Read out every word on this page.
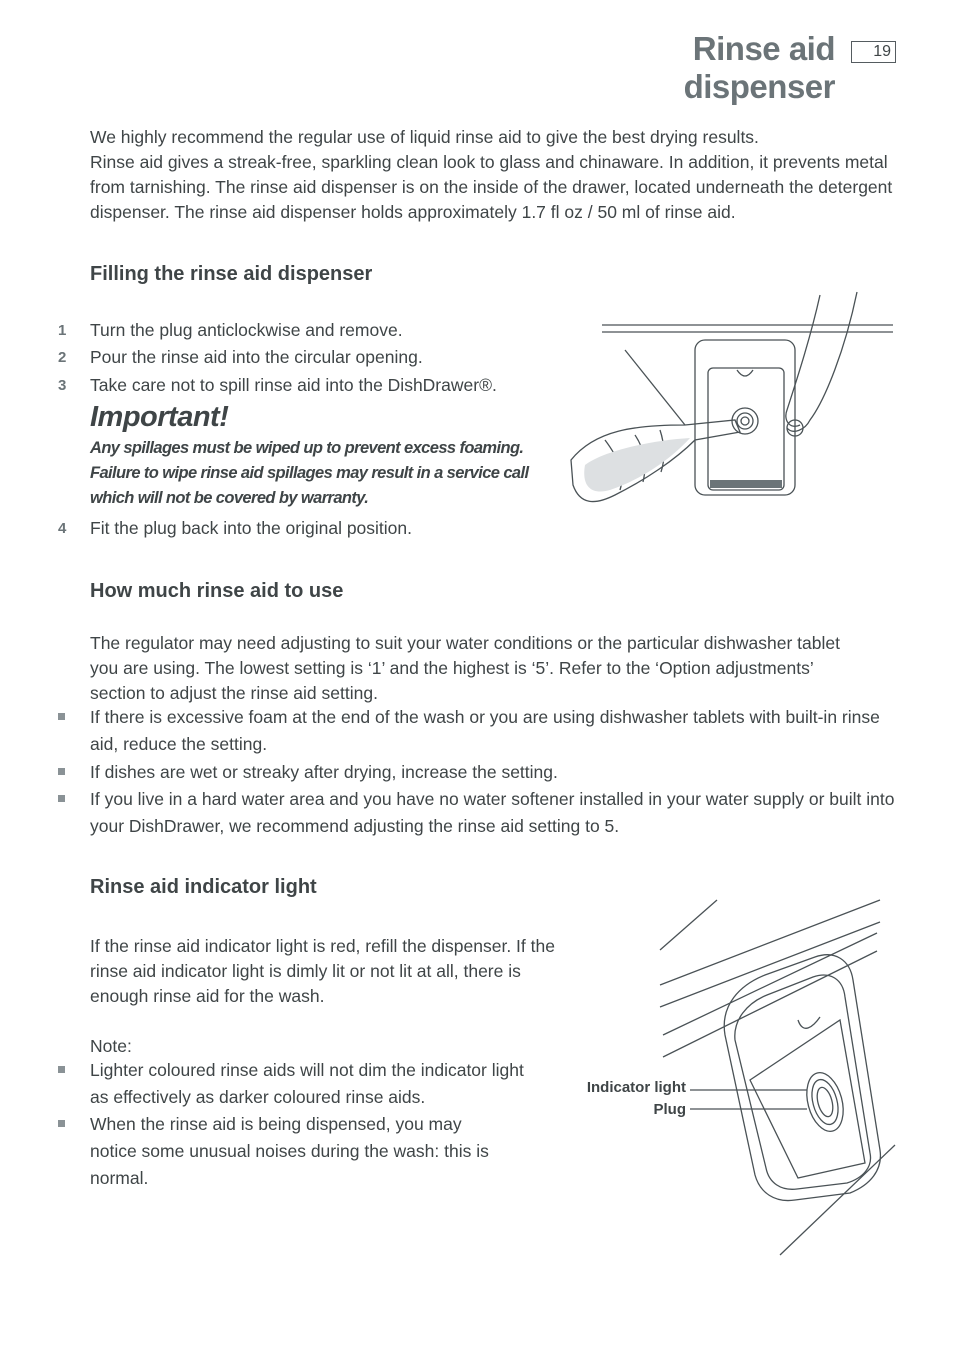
Rinse aid dispenser
19
We highly recommend the regular use of liquid rinse aid to give the best drying results.
Rinse aid gives a streak-free, sparkling clean look to glass and chinaware. In addition, it prevents metal from tarnishing. The rinse aid dispenser is on the inside of the drawer, located underneath the detergent dispenser. The rinse aid dispenser holds approximately 1.7 fl oz / 50 ml of rinse aid.
Filling the rinse aid dispenser
1	Turn the plug anticlockwise and remove.
2	Pour the rinse aid into the circular opening.
3	Take care not to spill rinse aid into the DishDrawer®.
Important!
Any spillages must be wiped up to prevent excess foaming. Failure to wipe rinse aid spillages may result in a service call which will not be covered by warranty.
4	Fit the plug back into the original position.
How much rinse aid to use
The regulator may need adjusting to suit your water conditions or the particular dishwasher tablet you are using. The lowest setting is ‘1’ and the highest is ‘5’. Refer to the ‘Option adjustments’ section to adjust the rinse aid setting.
If there is excessive foam at the end of the wash or you are using dishwasher tablets with built-in rinse aid, reduce the setting.
If dishes are wet or streaky after drying, increase the setting.
If you live in a hard water area and you have no water softener installed in your water supply or built into your DishDrawer, we recommend adjusting the rinse aid setting to 5.
Rinse aid indicator light
If the rinse aid indicator light is red, refill the dispenser. If the rinse aid indicator light is dimly lit or not lit at all, there is enough rinse aid for the wash.
Note:
Lighter coloured rinse aids will not dim the indicator light as effectively as darker coloured rinse aids.
When the rinse aid is being dispensed, you may notice some unusual noises during the wash: this is normal.
Indicator light
Plug
